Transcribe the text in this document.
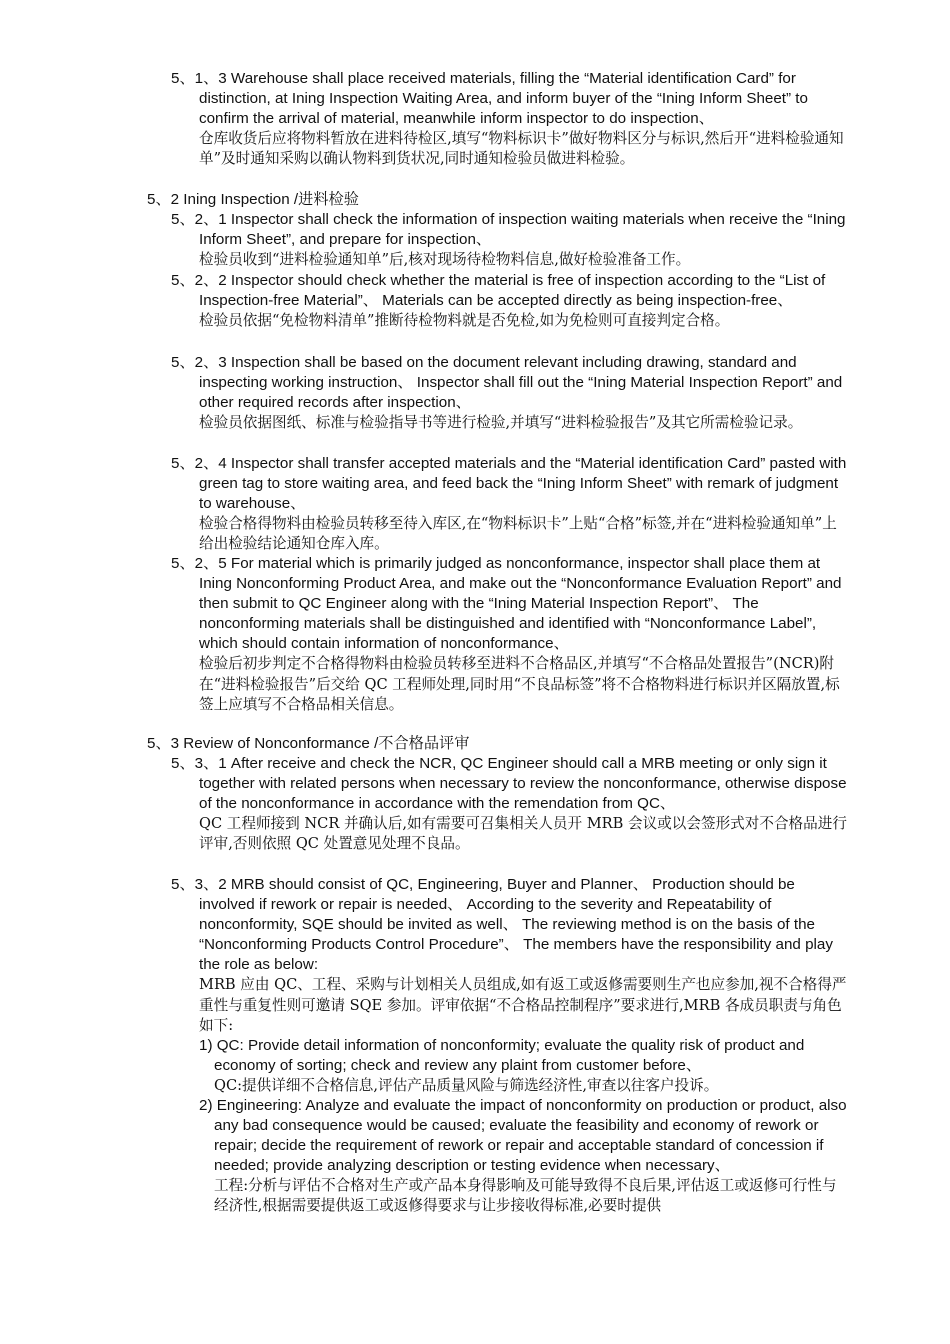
5、1、3 Warehouse shall place received materials, filling the “Material identification Card” for distinction, at Ining Inspection Waiting Area, and inform buyer of the “Ining Inform Sheet” to confirm the arrival of material, meanwhile inform inspector to do inspection、
仓库收货后应将物料暂放在进料待检区,填写“物料标识卡”做好物料区分与标识,然后开“进料检验通知单”及时通知采购以确认物料到货状况,同时通知检验员做进料检验。
5、2 Ining Inspection /进料检验
5、2、1 Inspector shall check the information of inspection waiting materials when receive the “Ining Inform Sheet”, and prepare for inspection、
检验员收到“进料检验通知单”后,核对现场待检物料信息,做好检验准备工作。
5、2、2 Inspector should check whether the material is free of inspection according to the “List of Inspection-free Material”、 Materials can be accepted directly as being inspection-free、
检验员依据“免检物料清单”推断待检物料就是否免检,如为免检则可直接判定合格。
5、2、3 Inspection shall be based on the document relevant including drawing, standard and inspecting working instruction、 Inspector shall fill out the “Ining Material Inspection Report” and other required records after inspection、
检验员依据图纸、标准与检验指导书等进行检验,并填写“进料检验报告”及其它所需检验记录。
5、2、4 Inspector shall transfer accepted materials and the “Material identification Card” pasted with green tag to store waiting area, and feed back the “Ining Inform Sheet” with remark of judgment to warehouse、
检验合格得物料由检验员转移至待入库区,在“物料标识卡”上贴“合格”标签,并在“进料检验通知单”上给出检验结论通知仓库入库。
5、2、5 For material which is primarily judged as nonconformance, inspector shall place them at Ining Nonconforming Product Area, and make out the “Nonconformance Evaluation Report” and then submit to QC Engineer along with the “Ining Material Inspection Report”、 The nonconforming materials shall be distinguished and identified with “Nonconformance Label”, which should contain information of nonconformance、
检验后初步判定不合格得物料由检验员转移至进料不合格品区,并填写“不合格品处置报告”(NCR)附在“进料检验报告”后交给 QC 工程师处理,同时用“不良品标签”将不合格物料进行标识并区隔放置,标签上应填写不合格品相关信息。
5、3 Review of Nonconformance /不合格品评审
5、3、1 After receive and check the NCR, QC Engineer should call a MRB meeting or only sign it together with related persons when necessary to review the nonconformance, otherwise dispose of the nonconformance in accordance with the remendation from QC、
QC 工程师接到 NCR 并确认后,如有需要可召集相关人员开 MRB 会议或以会签形式对不合格品进行评审,否则依照 QC 处置意见处理不良品。
5、3、2 MRB should consist of QC, Engineering, Buyer and Planner、 Production should be involved if rework or repair is needed、 According to the severity and Repeatability of nonconformity, SQE should be invited as well、 The reviewing method is on the basis of the “Nonconforming Products Control Procedure”、 The members have the responsibility and play the role as below:
MRB 应由 QC、工程、采购与计划相关人员组成,如有返工或返修需要则生产也应参加,视不合格得严重性与重复性则可邀请 SQE 参加。评审依据“不合格品控制程序”要求进行,MRB 各成员职责与角色如下:
1) QC: Provide detail information of nonconformity; evaluate the quality risk of product and economy of sorting; check and review any plaint from customer before、
QC:提供详细不合格信息,评估产品质量风险与筛选经济性,审查以往客户投诉。
2) Engineering: Analyze and evaluate the impact of nonconformity on production or product, also any bad consequence would be caused; evaluate the feasibility and economy of rework or repair; decide the requirement of rework or repair and acceptable standard of concession if needed; provide analyzing description or testing evidence when necessary、
工程:分析与评估不合格对生产或产品本身得影响及可能导致得不良后果,评估返工或返修可行性与经济性,根据需要提供返工或返修得要求与让步接收得标准,必要时提供
